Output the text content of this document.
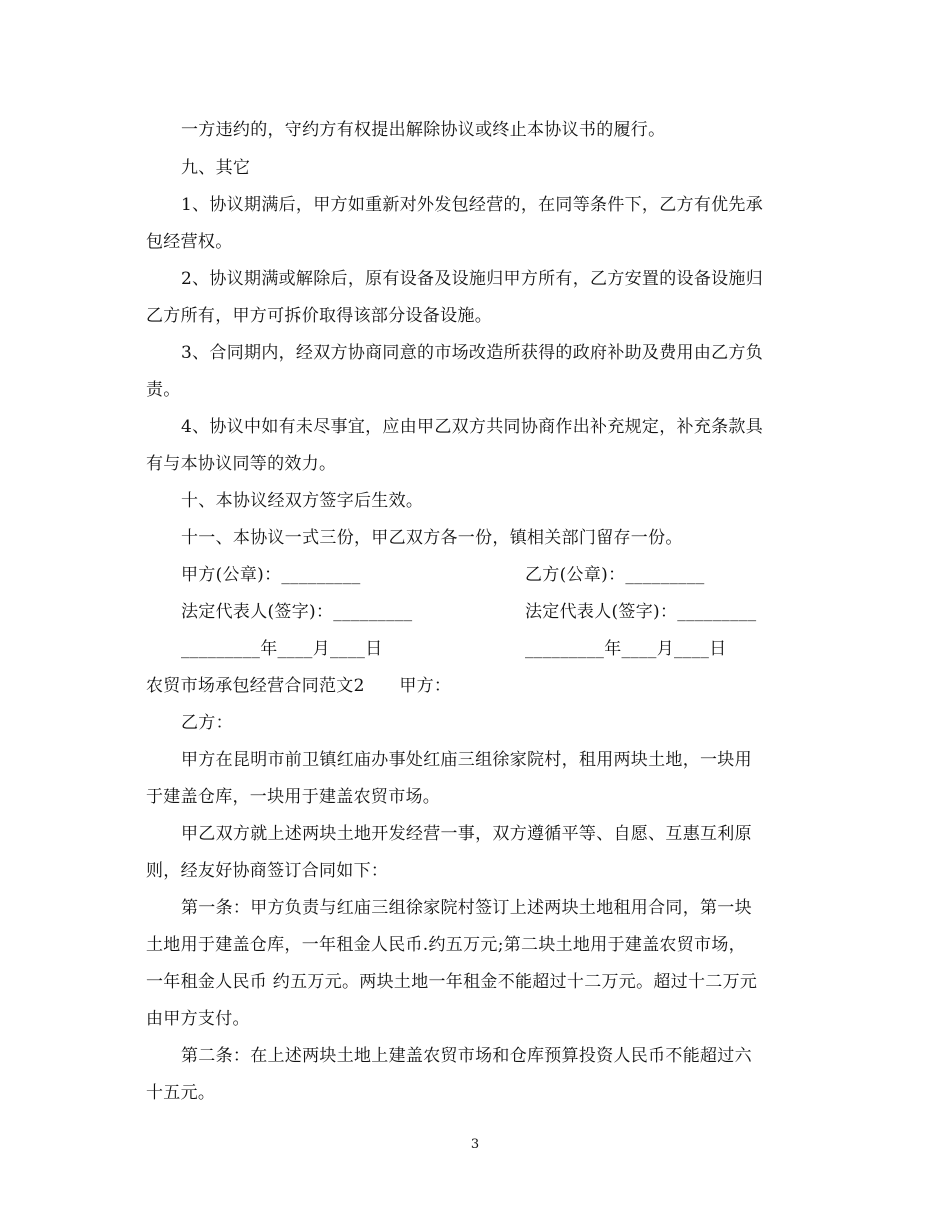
一方违约的，守约方有权提出解除协议或终止本协议书的履行。
九、其它
1、协议期满后，甲方如重新对外发包经营的，在同等条件下，乙方有优先承
包经营权。
2、协议期满或解除后，原有设备及设施归甲方所有，乙方安置的设备设施归
乙方所有，甲方可拆价取得该部分设备设施。
3、合同期内，经双方协商同意的市场改造所获得的政府补助及费用由乙方负
责。
4、协议中如有未尽事宜，应由甲乙双方共同协商作出补充规定，补充条款具
有与本协议同等的效力。
十、本协议经双方签字后生效。
十一、本协议一式三份，甲乙双方各一份，镇相关部门留存一份。
甲方(公章)：_________	乙方(公章)：_________
法定代表人(签字)：_________	法定代表人(签字)：_________
_________年____月____日	_________年____月____日
农贸市场承包经营合同范文2　　甲方：
乙方：
甲方在昆明市前卫镇红庙办事处红庙三组徐家院村，租用两块土地，一块用
于建盖仓库，一块用于建盖农贸市场。
甲乙双方就上述两块土地开发经营一事，双方遵循平等、自愿、互惠互利原
则，经友好协商签订合同如下：
第一条：甲方负责与红庙三组徐家院村签订上述两块土地租用合同，第一块
土地用于建盖仓库，一年租金人民币.约五万元;第二块土地用于建盖农贸市场，
一年租金人民币 约五万元。两块土地一年租金不能超过十二万元。超过十二万元
由甲方支付。
第二条：在上述两块土地上建盖农贸市场和仓库预算投资人民币不能超过六
十五元。
3
